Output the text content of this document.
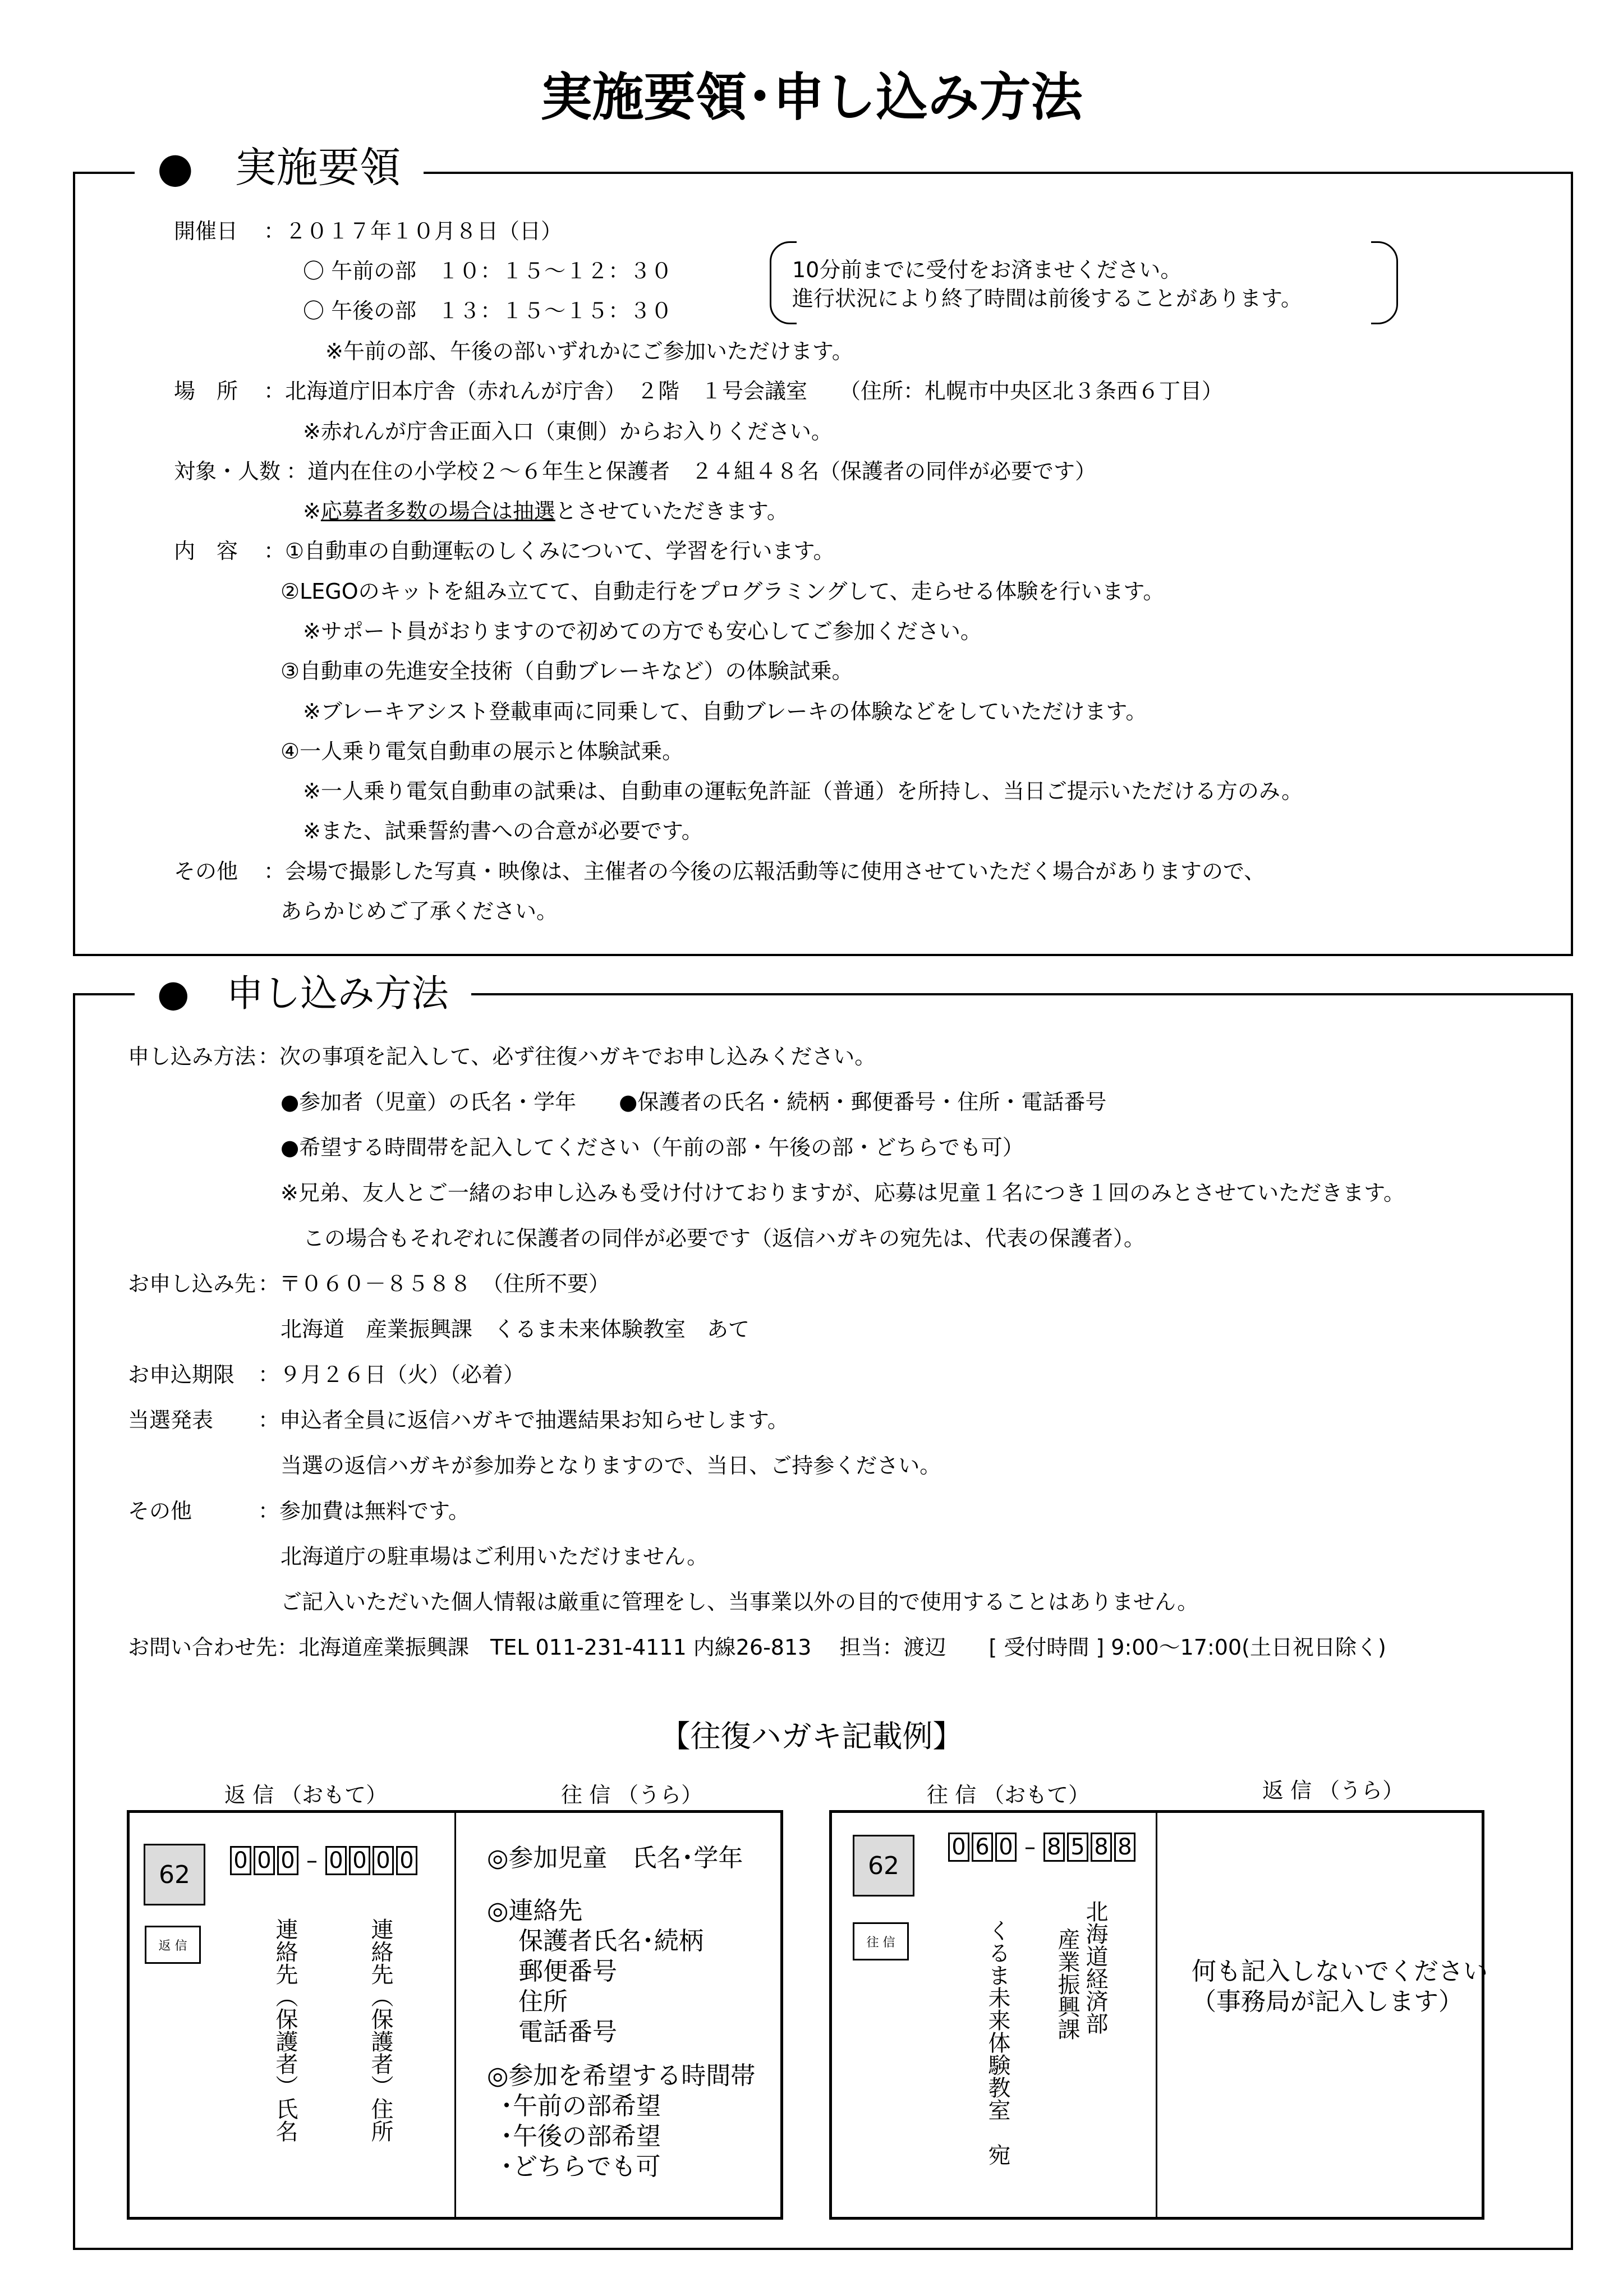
実施要領･申し込み方法
●　実施要領
開催日 ：２０１７年１０月８日（日）
〇 午前の部　１０：１５〜１２：３０
〇 午後の部　１３：１５〜１５：３０
10分前までに受付をお済ませください。
進行状況により終了時間は前後することがあります。
※午前の部、午後の部いずれかにご参加いただけます。
場　所 ：北海道庁旧本庁舎（赤れんが庁舎）　２階　１号会議室　　（住所：札幌市中央区北３条西６丁目）
※赤れんが庁舎正面入口（東側）からお入りください。
対象・人数 ：道内在住の小学校２〜６年生と保護者　２４組４８名（保護者の同伴が必要です）
※応募者多数の場合は抽選とさせていただきます。
内　容 ：①自動車の自動運転のしくみについて、学習を行います。
②LEGOのキットを組み立てて、自動走行をプログラミングして、走らせる体験を行います。
※サポート員がおりますので初めての方でも安心してご参加ください。
③自動車の先進安全技術（自動ブレーキなど）の体験試乗。
※ブレーキアシスト登載車両に同乗して、自動ブレーキの体験などをしていただけます。
④一人乗り電気自動車の展示と体験試乗。
※一人乗り電気自動車の試乗は、自動車の運転免許証（普通）を所持し、当日ご提示いただける方のみ。
※また、試乗誓約書への合意が必要です。
その他 ：会場で撮影した写真・映像は、主催者の今後の広報活動等に使用させていただく場合がありますので、
あらかじめご了承ください。
●　申し込み方法
申し込み方法 ：次の事項を記入して、必ず往復ハガキでお申し込みください。
●参加者（児童）の氏名・学年　　●保護者の氏名・続柄・郵便番号・住所・電話番号
●希望する時間帯を記入してください（午前の部・午後の部・どちらでも可）
※兄弟、友人とご一緒のお申し込みも受け付けておりますが、応募は児童１名につき１回のみとさせていただきます。
この場合もそれぞれに保護者の同伴が必要です（返信ハガキの宛先は、代表の保護者）。
お申し込み先 ：〒０６０－８５８８　（住所不要）
北海道　産業振興課　くるま未来体験教室　あて
お申込期限 ：９月２６日（火）（必着）
当選発表 ：申込者全員に返信ハガキで抽選結果お知らせします。
当選の返信ハガキが参加券となりますので、当日、ご持参ください。
その他	：参加費は無料です。
北海道庁の駐車場はご利用いただけません。
ご記入いただいた個人情報は厳重に管理をし、当事業以外の目的で使用することはありません。
お問い合わせ先：北海道産業振興課　TEL 011-231-4111 内線26-813　 担当：渡辺　　[ 受付時間 ] 9:00〜17:00(土日祝日除く)
【往復ハガキ記載例】
返 信 （おもて）	往 信 （うら）	往 信 （おもて）	返 信 （うら）
62
返 信
0 0 0 – 0 0 0 0
連絡先（保護者）住所
連絡先（保護者）氏名
◎参加児童　氏名･学年
◎連絡先
保護者氏名･続柄
郵便番号
住所
電話番号
◎参加を希望する時間帯
･午前の部希望
･午後の部希望
･どちらでも可
62
往 信
0 6 0 – 8 5 8 8
北海道経済部
産業振興課
くるま未来体験教室　宛	何も記入しないでください
（事務局が記入します）
